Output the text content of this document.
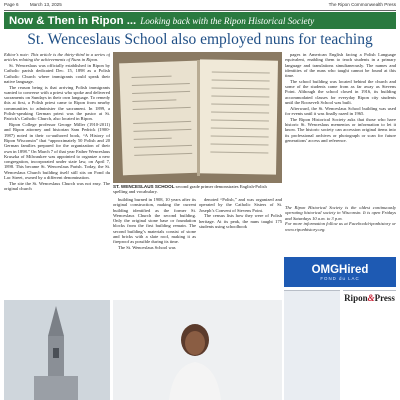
Page 6 March 13, 2025	The Ripon Commonwealth Press
Now & Then in Ripon ... Looking back with the Ripon Historical Society
St. Wenceslaus School also employed nuns for teaching

Editor’s note: This article is the thirty-third in a series of articles relating the achievements of Nuns in Ripon.

St. Wenceslaus was officially established in Ripon by Catholic parish dedicated Dec. 15, 1898 as a Polish Catholic Church where immigrants could speak their native language.

The reason being is that arriving Polish immigrants wanted to converse with a priest who spoke and delivered sacraments on Sundays in their own language. To remedy this at first, a Polish priest came to Ripon from nearby communities to administer the sacrament. In 1899, a Polish-speaking German priest was the pastor at St. Patrick’s Catholic Church, also located in Ripon.

Ripon College professor George Miller (1910-2011) and Ripon attorney and historian Sam Pedrick (1900-1987) noted in their co-authored book, “A History of Ripon Wisconsin” that “approximately 50 Polish and 20 German families prepared for the organization of their own in 1898.” On March 7 of that year Father Wenceslaus Kruszka of Milwaukee was appointed to organize a new congregation, incorporated under state law, on April 7, 1898. This became St. Wenceslaus Parish. Today, the St. Wenceslaus Church building itself still sits on Fond du Lac Street, owned by a different denomination.

The site the St. Wenceslaus Church was not easy. The original church	ST. WENCESLAUS SCHOOL second grade primer demonstrates English-Polish spelling and vocabulary.

building burned in 1908, 10 years after its original construction, making the current building identified as the former St. Wenceslaus Church the second building. Only the original stone base or foundation blocks from the first building remain. The second building’s materials consist of stone and bricks with a slate roof, making it as fireproof as possible during its time.

The St. Wenceslaus School was

denoted “Polish,” and was organized and operated by the Catholic Sisters of St. Joseph’s Convent of Stevens Point.

The census lists how they were of Polish heritage. At its peak, the nuns taught 175 students using schoolbook

pages in American English facing a Polish Language equivalent, enabling them to teach students in a primary language and translations simultaneously. The names and identities of the nuns who taught cannot be found at this time.

The school building was located behind the church and some of the students came from as far away as Stevens Point. Although the school closed in 1916, its building accommodated classes for everyday Ripon city students until the Roosevelt School was built.

Afterward, the St. Wenceslaus School building was used for events until it was finally razed in 1965.

The Ripon Historical Society asks that those who have historic St. Wenceslaus mementos or information to let it know. The historic society can accession original items into its professional archives or photograph or scan for future generations’ access and reference.

The Ripon Historical Society is the oldest continuously operating historical society in Wisconsin. It is open Fridays and Saturdays 10 a.m. to 3 p.m.

For more information follow us at Facebook/riponhistory or www.riponhistory.org.

OMGHired
FOND du LAC
Ripon&Press
